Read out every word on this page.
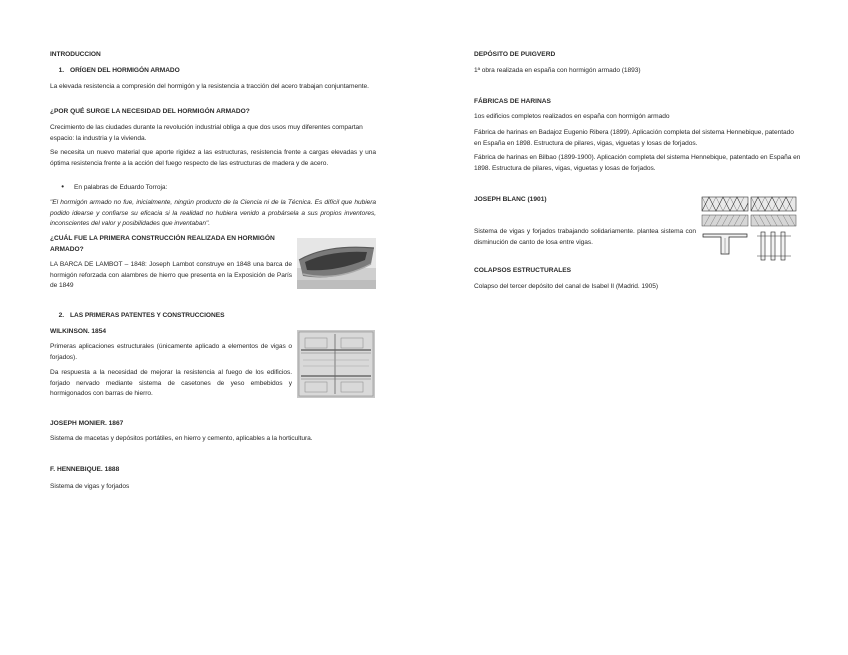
INTRODUCCION
1. ORÍGEN DEL HORMIGÓN ARMADO

La elevada resistencia a compresión del hormigón y la resistencia a tracción del acero trabajan conjuntamente.

¿POR QUÉ SURGE LA NECESIDAD DEL HORMIGÓN ARMADO?

Crecimiento de las ciudades durante la revolución industrial obliga a que dos usos muy diferentes compartan espacio: la industria y la vivienda.

Se necesita un nuevo material que aporte rigidez a las estructuras, resistencia frente a cargas elevadas y una óptima resistencia frente a la acción del fuego respecto de las estructuras de madera y de acero.

• En palabras de Eduardo Torroja:

"El hormigón armado no fue, inicialmente, ningún producto de la Ciencia ni de la Técnica. Es difícil que hubiera podido idearse y confiarse su eficacia si la realidad no hubiera venido a probársela a sus propios inventores, inconscientes del valor y posibilidades que inventaban".

¿CUÁL FUE LA PRIMERA CONSTRUCCIÓN REALIZADA EN HORMIGÓN ARMADO?

LA BARCA DE LAMBOT – 1848: Joseph Lambot construye en 1848 una barca de hormigón reforzada con alambres de hierro que presenta en la Exposición de París de 1849

2. LAS PRIMERAS PATENTES Y CONSTRUCCIONES

WILKINSON. 1854

Primeras aplicaciones estructurales (únicamente aplicado a elementos de vigas o forjados).

Da respuesta a la necesidad de mejorar la resistencia al fuego de los edificios. forjado nervado mediante sistema de casetones de yeso embebidos y hormigonados con barras de hierro.

JOSEPH MONIER. 1867

Sistema de macetas y depósitos portátiles, en hierro y cemento, aplicables a la horticultura.

F. HENNEBIQUE. 1888

Sistema de vigas y forjados

DEPÓSITO DE PUIGVERD

1ª obra realizada en españa con hormigón armado (1893)

FÁBRICAS DE HARINAS

1os edificios completos realizados en españa con hormigón armado

Fábrica de harinas en Badajoz Eugenio Ribera (1899). Aplicación completa del sistema Hennebique, patentado en España en 1898. Estructura de pilares, vigas, viguetas y losas de forjados.

Fábrica de harinas en Bilbao (1899-1900). Aplicación completa del sistema Hennebique, patentado en España en 1898. Estructura de pilares, vigas, viguetas y losas de forjados.

JOSEPH BLANC (1901)

Sistema de vigas y forjados trabajando solidariamente. plantea sistema con disminución de canto de losa entre vigas.

COLAPSOS ESTRUCTURALES

Colapso del tercer depósito del canal de Isabel II (Madrid. 1905)
